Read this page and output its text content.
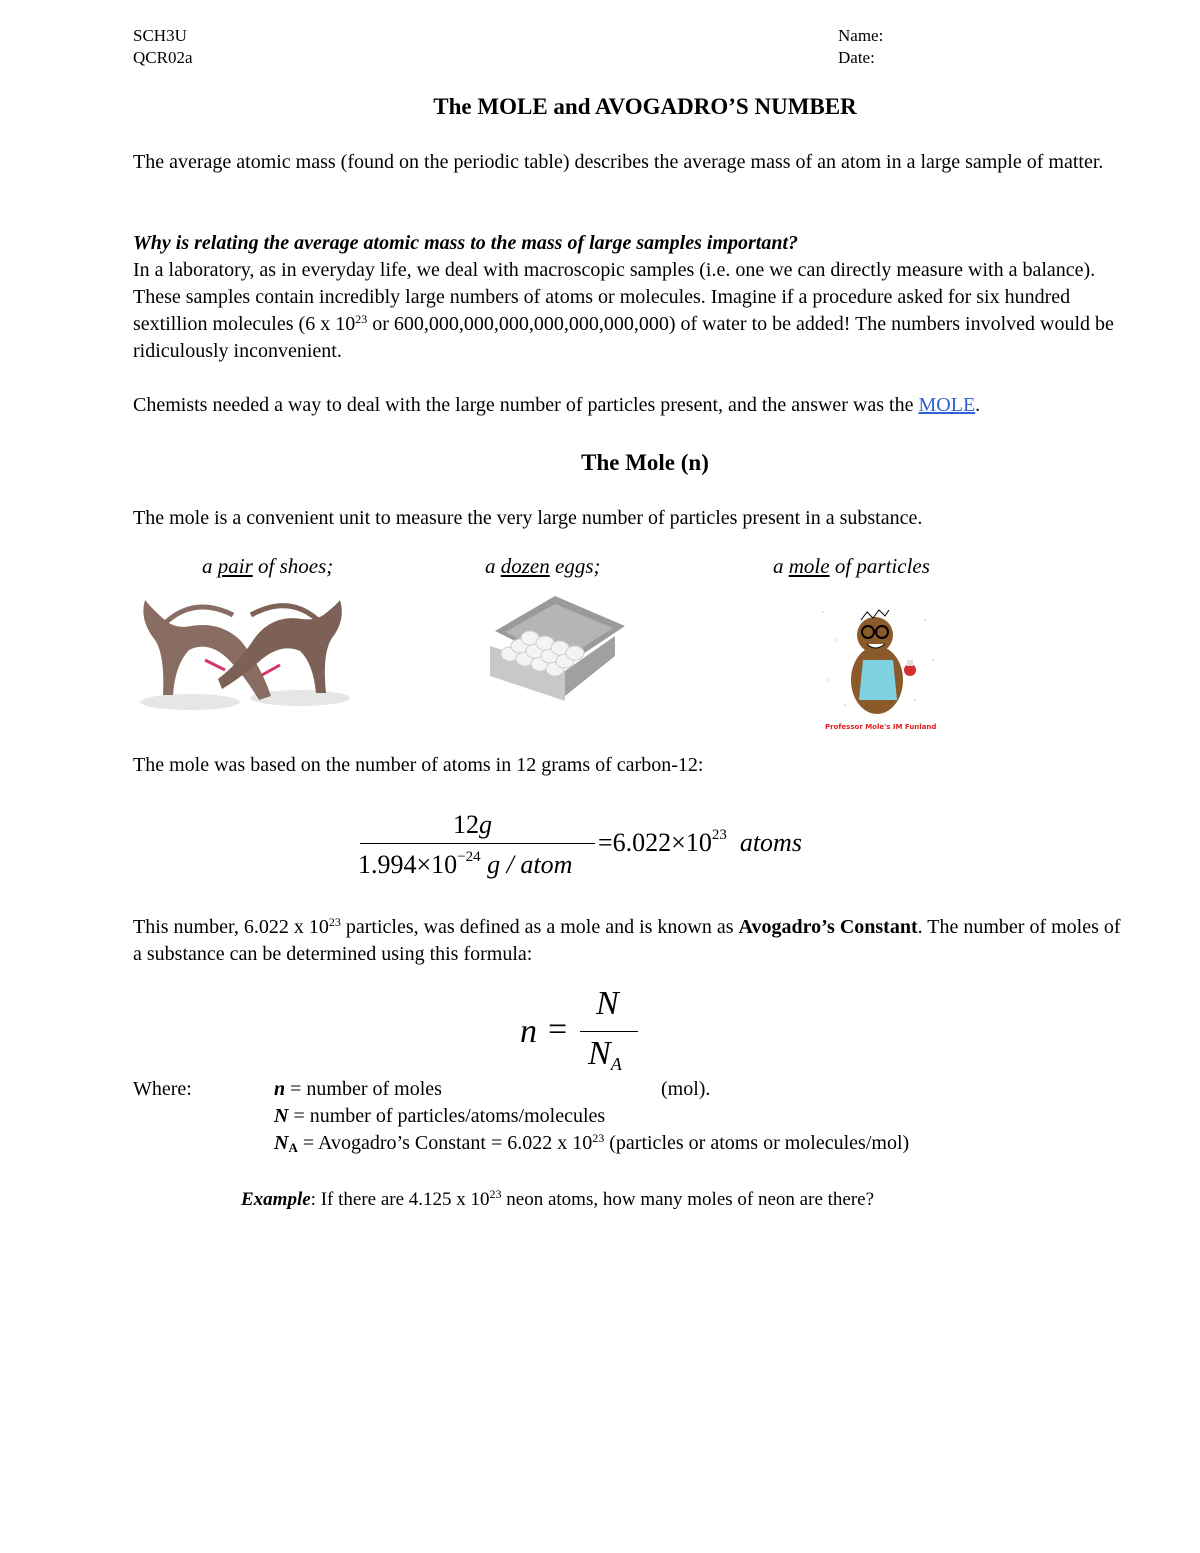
SCH3U
QCR02a
Name:
Date:
The MOLE and AVOGADRO’S NUMBER

The average atomic mass (found on the periodic table) describes the average mass of an atom in a large sample of matter.

Why is relating the average atomic mass to the mass of large samples important?
In a laboratory, as in everyday life, we deal with macroscopic samples (i.e. one we can directly measure with a balance). These samples contain incredibly large numbers of atoms or molecules. Imagine if a procedure asked for six hundred sextillion molecules (6 x $10^{23}$ or 600,000,000,000,000,000,000,000) of water to be added! The numbers involved would be ridiculously inconvenient.

Chemists needed a way to deal with the large number of particles present, and the answer was the MOLE.

The Mole (n)

The mole is a convenient unit to measure the very large number of particles present in a substance.

a pair of shoes;	a dozen eggs;	a mole of particles
Professor Mole's IM Funland

The mole was based on the number of atoms in 12 grams of carbon-12:

12g
$1.994\times 10^{-24}$ g / atom
$=6.022\times 10^{23}$ atoms

This number, 6.022 x $10^{23}$ particles, was defined as a mole and is known as Avogadro’s Constant. The number of moles of a substance can be determined using this formula:

n =
N
NA
Where:	n = number of moles	(mol).
N = number of particles/atoms/molecules
NA = Avogadro’s Constant = 6.022 x $10^{23}$ (particles or atoms or molecules/mol)
Example: If there are 4.125 x $10^{23}$ neon atoms, how many moles of neon are there?
